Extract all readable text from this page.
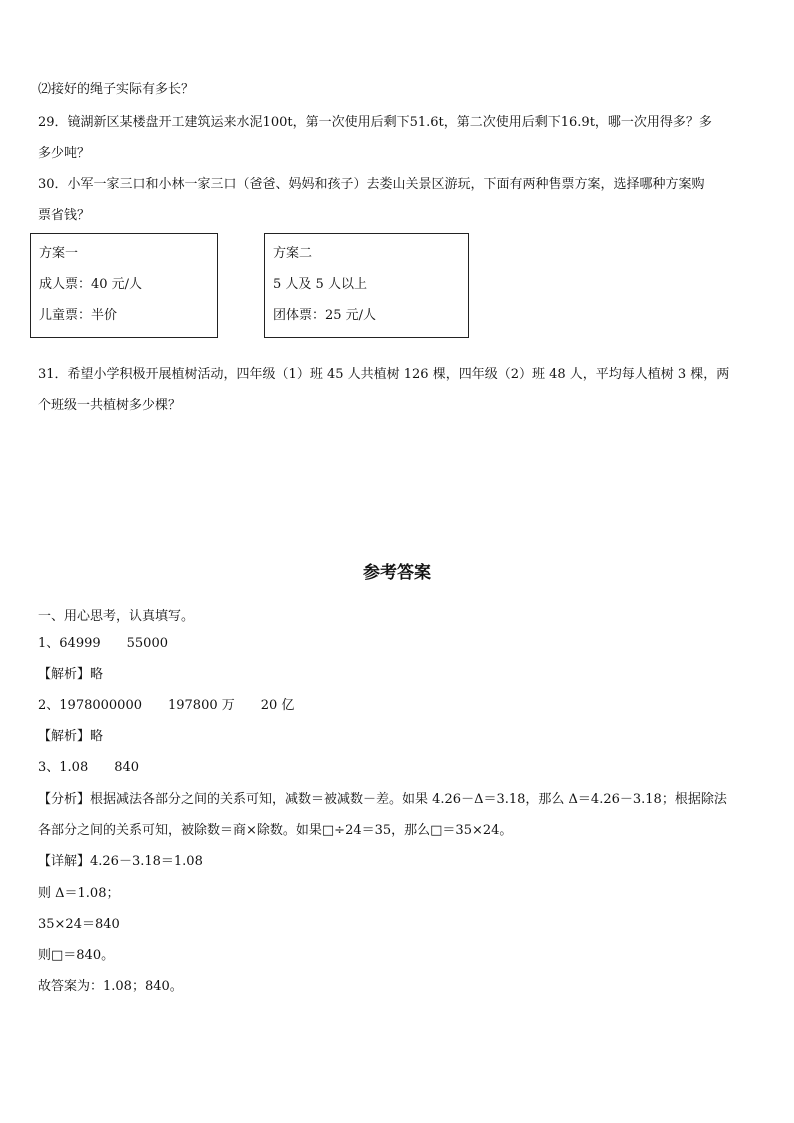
⑵接好的绳子实际有多长？
29．镜湖新区某楼盘开工建筑运来水泥100t，第一次使用后剩下51.6t，第二次使用后剩下16.9t，哪一次用得多？多
多少吨？
30．小军一家三口和小林一家三口（爸爸、妈妈和孩子）去娄山关景区游玩，下面有两种售票方案，选择哪种方案购
票省钱？
方案一
成人票：40 元/人
儿童票：半价
方案二
5 人及 5 人以上
团体票：25 元/人
31．希望小学积极开展植树活动，四年级（1）班 45 人共植树 126 棵，四年级（2）班 48 人，平均每人植树 3 棵，两
个班级一共植树多少棵？
参考答案
一、用心思考，认真填写。
1、64999 55000
【解析】略
2、1978000000 197800 万 20 亿
【解析】略
3、1.08 840
【分析】根据减法各部分之间的关系可知，减数＝被减数－差。如果 4.26－Δ＝3.18，那么 Δ＝4.26－3.18；根据除法
各部分之间的关系可知，被除数＝商×除数。如果□÷24＝35，那么□＝35×24。
【详解】4.26－3.18＝1.08
则 Δ＝1.08；
35×24＝840
则□＝840。
故答案为：1.08；840。
